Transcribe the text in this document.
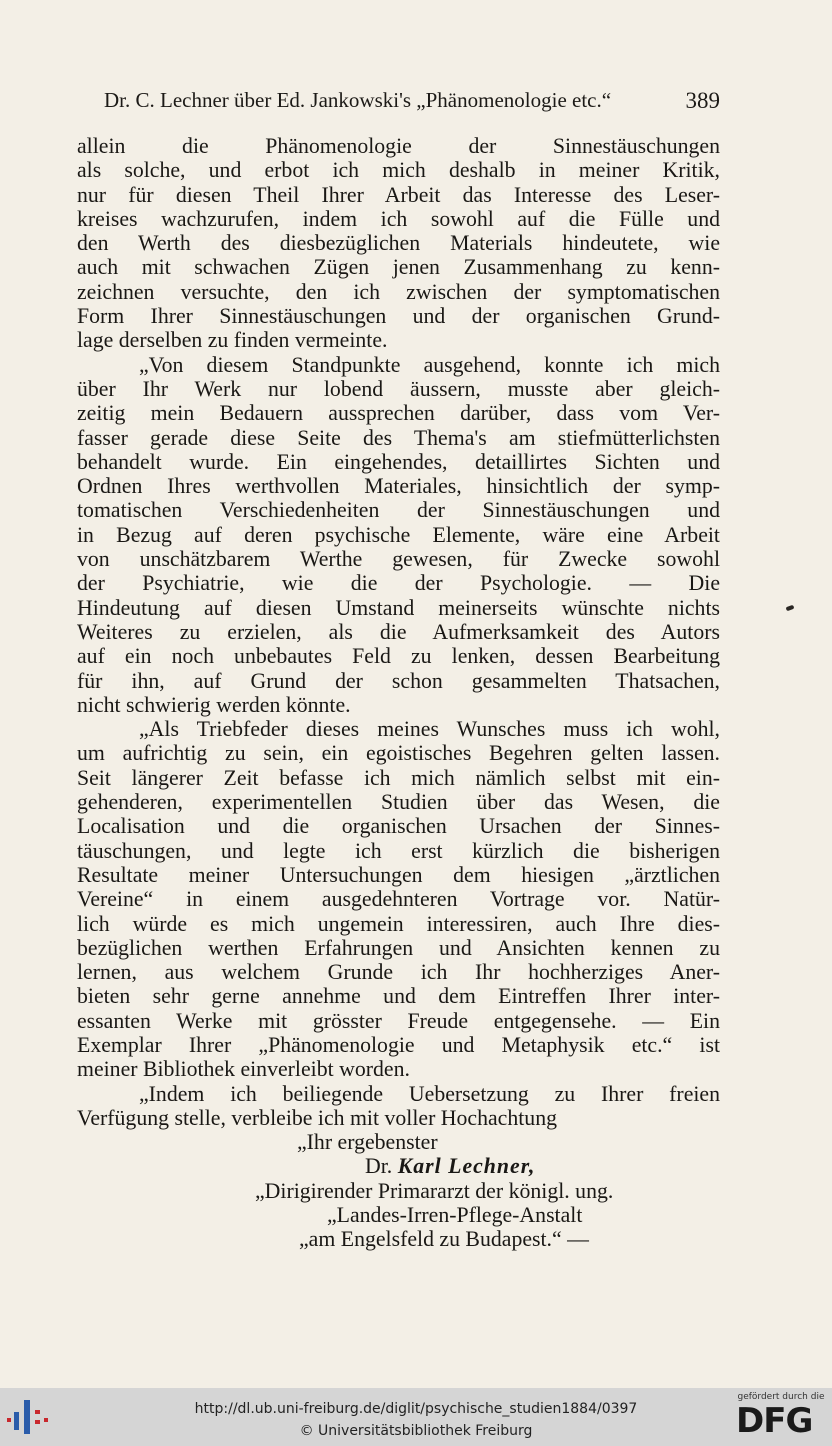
Dr. C. Lechner über Ed. Jankowski's „Phänomenologie etc.“	389
allein die Phänomenologie der Sinnestäuschungen
als solche, und erbot ich mich deshalb in meiner Kritik,
nur für diesen Theil Ihrer Arbeit das Interesse des Leser-
kreises wachzurufen, indem ich sowohl auf die Fülle und
den Werth des diesbezüglichen Materials hindeutete, wie
auch mit schwachen Zügen jenen Zusammenhang zu kenn-
zeichnen versuchte, den ich zwischen der symptomatischen
Form Ihrer Sinnestäuschungen und der organischen Grund-
lage derselben zu finden vermeinte.
„Von diesem Standpunkte ausgehend, konnte ich mich
über Ihr Werk nur lobend äussern, musste aber gleich-
zeitig mein Bedauern aussprechen darüber, dass vom Ver-
fasser gerade diese Seite des Thema's am stiefmütterlichsten
behandelt wurde. Ein eingehendes, detaillirtes Sichten und
Ordnen Ihres werthvollen Materiales, hinsichtlich der symp-
tomatischen Verschiedenheiten der Sinnestäuschungen und
in Bezug auf deren psychische Elemente, wäre eine Arbeit
von unschätzbarem Werthe gewesen, für Zwecke sowohl
der Psychiatrie, wie die der Psychologie. — Die
Hindeutung auf diesen Umstand meinerseits wünschte nichts
Weiteres zu erzielen, als die Aufmerksamkeit des Autors
auf ein noch unbebautes Feld zu lenken, dessen Bearbeitung
für ihn, auf Grund der schon gesammelten Thatsachen,
nicht schwierig werden könnte.
„Als Triebfeder dieses meines Wunsches muss ich wohl,
um aufrichtig zu sein, ein egoistisches Begehren gelten lassen.
Seit längerer Zeit befasse ich mich nämlich selbst mit ein-
gehenderen, experimentellen Studien über das Wesen, die
Localisation und die organischen Ursachen der Sinnes-
täuschungen, und legte ich erst kürzlich die bisherigen
Resultate meiner Untersuchungen dem hiesigen „ärztlichen
Vereine“ in einem ausgedehnteren Vortrage vor. Natür-
lich würde es mich ungemein interessiren, auch Ihre dies-
bezüglichen werthen Erfahrungen und Ansichten kennen zu
lernen, aus welchem Grunde ich Ihr hochherziges Aner-
bieten sehr gerne annehme und dem Eintreffen Ihrer inter-
essanten Werke mit grösster Freude entgegensehe. — Ein
Exemplar Ihrer „Phänomenologie und Metaphysik etc.“ ist
meiner Bibliothek einverleibt worden.
„Indem ich beiliegende Uebersetzung zu Ihrer freien
Verfügung stelle, verbleibe ich mit voller Hochachtung
„Ihr ergebenster
Dr. Karl Lechner,
„Dirigirender Primararzt der königl. ung.
„Landes-Irren-Pflege-Anstalt
„am Engelsfeld zu Budapest.“ —
http://dl.ub.uni-freiburg.de/diglit/psychische_studien1884/0397
© Universitätsbibliothek Freiburg
gefördert durch die
DFG
